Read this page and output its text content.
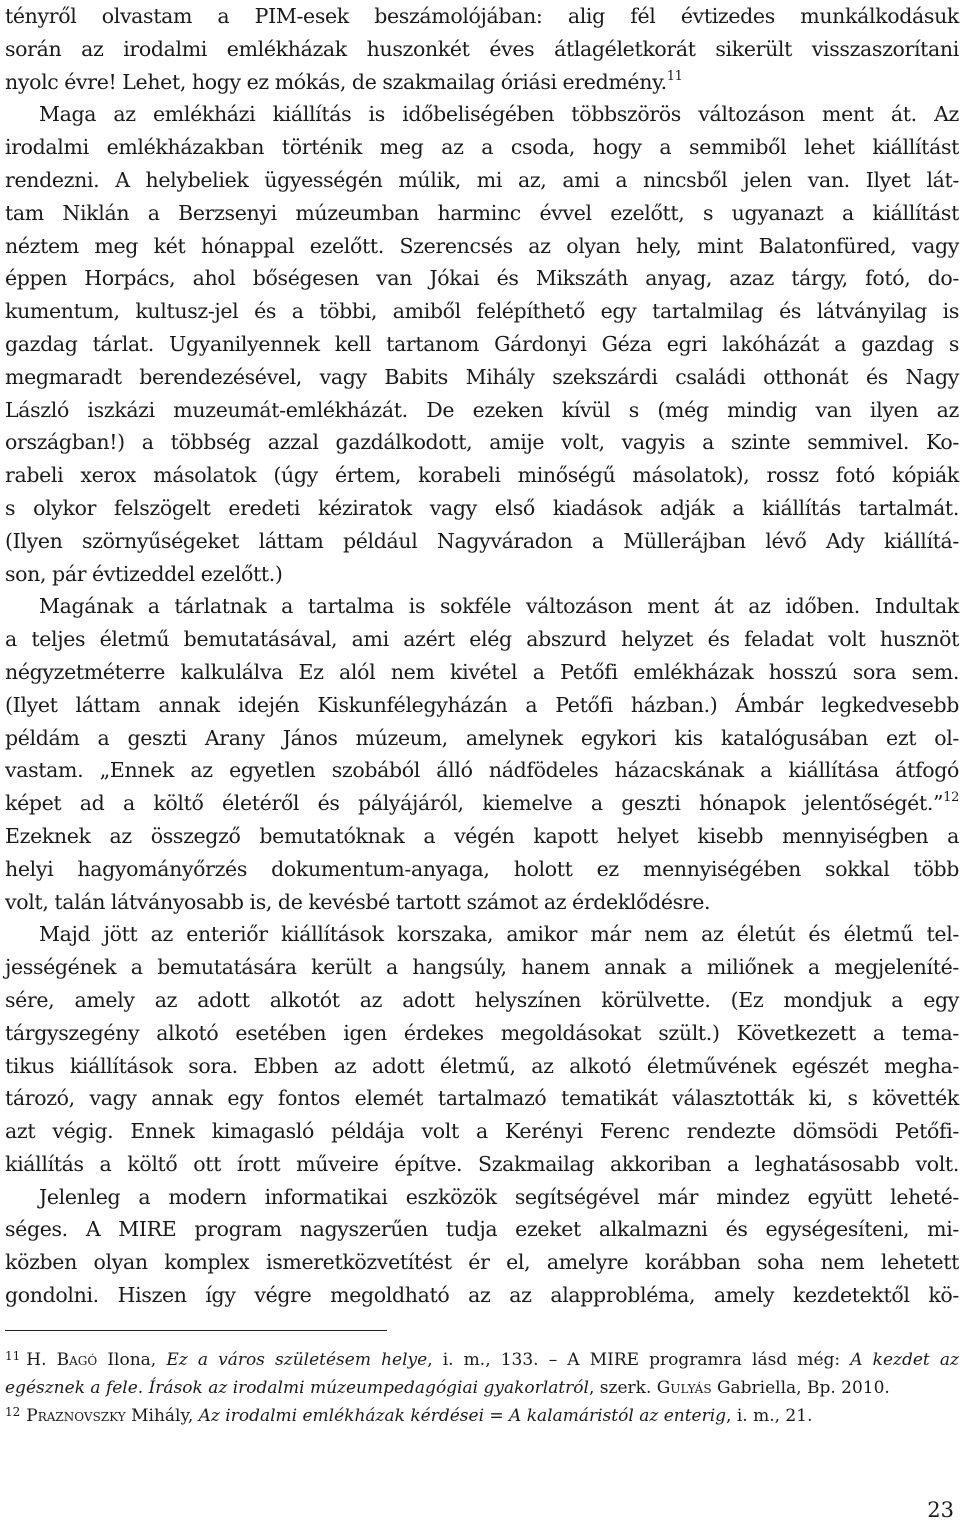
tényről olvastam a PIM-esek beszámolójában: alig fél évtizedes munkálkodásuk
során az irodalmi emlékházak huszonkét éves átlagéletkorát sikerült visszaszorítani
nyolc évre! Lehet, hogy ez mókás, de szakmailag óriási eredmény.$^{11}$
Maga az emlékházi kiállítás is időbeliségében többszörös változáson ment át. Az
irodalmi emlékházakban történik meg az a csoda, hogy a semmiből lehet kiállítást
rendezni. A helybeliek ügyességén múlik, mi az, ami a nincsből jelen van. Ilyet lát-
tam Niklán a Berzsenyi múzeumban harminc évvel ezelőtt, s ugyanazt a kiállítást
néztem meg két hónappal ezelőtt. Szerencsés az olyan hely, mint Balatonfüred, vagy
éppen Horpács, ahol bőségesen van Jókai és Mikszáth anyag, azaz tárgy, fotó, do-
kumentum, kultusz-jel és a többi, amiből felépíthető egy tartalmilag és látványilag is
gazdag tárlat. Ugyanilyennek kell tartanom Gárdonyi Géza egri lakóházát a gazdag s
megmaradt berendezésével, vagy Babits Mihály szekszárdi családi otthonát és Nagy
László iszkázi muzeumát-emlékházát. De ezeken kívül s (még mindig van ilyen az
országban!) a többség azzal gazdálkodott, amije volt, vagyis a szinte semmivel. Ko-
rabeli xerox másolatok (úgy értem, korabeli minőségű másolatok), rossz fotó kópiák
s olykor felszögelt eredeti kéziratok vagy első kiadások adják a kiállítás tartalmát.
(Ilyen szörnyűségeket láttam például Nagyváradon a Müllerájban lévő Ady kiállítá-
son, pár évtizeddel ezelőtt.)
Magának a tárlatnak a tartalma is sokféle változáson ment át az időben. Indultak
a teljes életmű bemutatásával, ami azért elég abszurd helyzet és feladat volt husznöt
négyzetméterre kalkulálva Ez alól nem kivétel a Petőfi emlékházak hosszú sora sem.
(Ilyet láttam annak idején Kiskunfélegyházán a Petőfi házban.) Ámbár legkedvesebb
példám a geszti Arany János múzeum, amelynek egykori kis katalógusában ezt ol-
vastam. „Ennek az egyetlen szobából álló nádfödeles házacskának a kiállítása átfogó
képet ad a költő életéről és pályájáról, kiemelve a geszti hónapok jelentőségét.”$^{12}$
Ezeknek az összegző bemutatóknak a végén kapott helyet kisebb mennyiségben a
helyi hagyományőrzés dokumentum-anyaga, holott ez mennyiségében sokkal több
volt, talán látványosabb is, de kevésbé tartott számot az érdeklődésre.
Majd jött az enteriőr kiállítások korszaka, amikor már nem az életút és életmű tel-
jességének a bemutatására került a hangsúly, hanem annak a miliőnek a megjeleníté-
sére, amely az adott alkotót az adott helyszínen körülvette. (Ez mondjuk a egy
tárgyszegény alkotó esetében igen érdekes megoldásokat szült.) Következett a tema-
tikus kiállítások sora. Ebben az adott életmű, az alkotó életművének egészét megha-
tározó, vagy annak egy fontos elemét tartalmazó tematikát választották ki, s követték
azt végig. Ennek kimagasló példája volt a Kerényi Ferenc rendezte dömsödi Petőfi-
kiállítás a költő ott írott műveire építve. Szakmailag akkoriban a leghatásosabb volt.
Jelenleg a modern informatikai eszközök segítségével már mindez együtt leheté-
séges. A MIRE program nagyszerűen tudja ezeket alkalmazni és egységesíteni, mi-
közben olyan komplex ismeretközvetítést ér el, amelyre korábban soha nem lehetett
gondolni. Hiszen így végre megoldható az az alapprobléma, amely kezdetektől kö-
$^{11}$ H. Bagó Ilona, Ez a város születésem helye, i. m., 133. – A MIRE programra lásd még: A kezdet az
egésznek a fele. Írások az irodalmi múzeumpedagógiai gyakorlatról, szerk. Gulyás Gabriella, Bp. 2010.
$^{12}$ Praznovszky Mihály, Az irodalmi emlékházak kérdései = A kalamáristól az enterig, i. m., 21.
23
